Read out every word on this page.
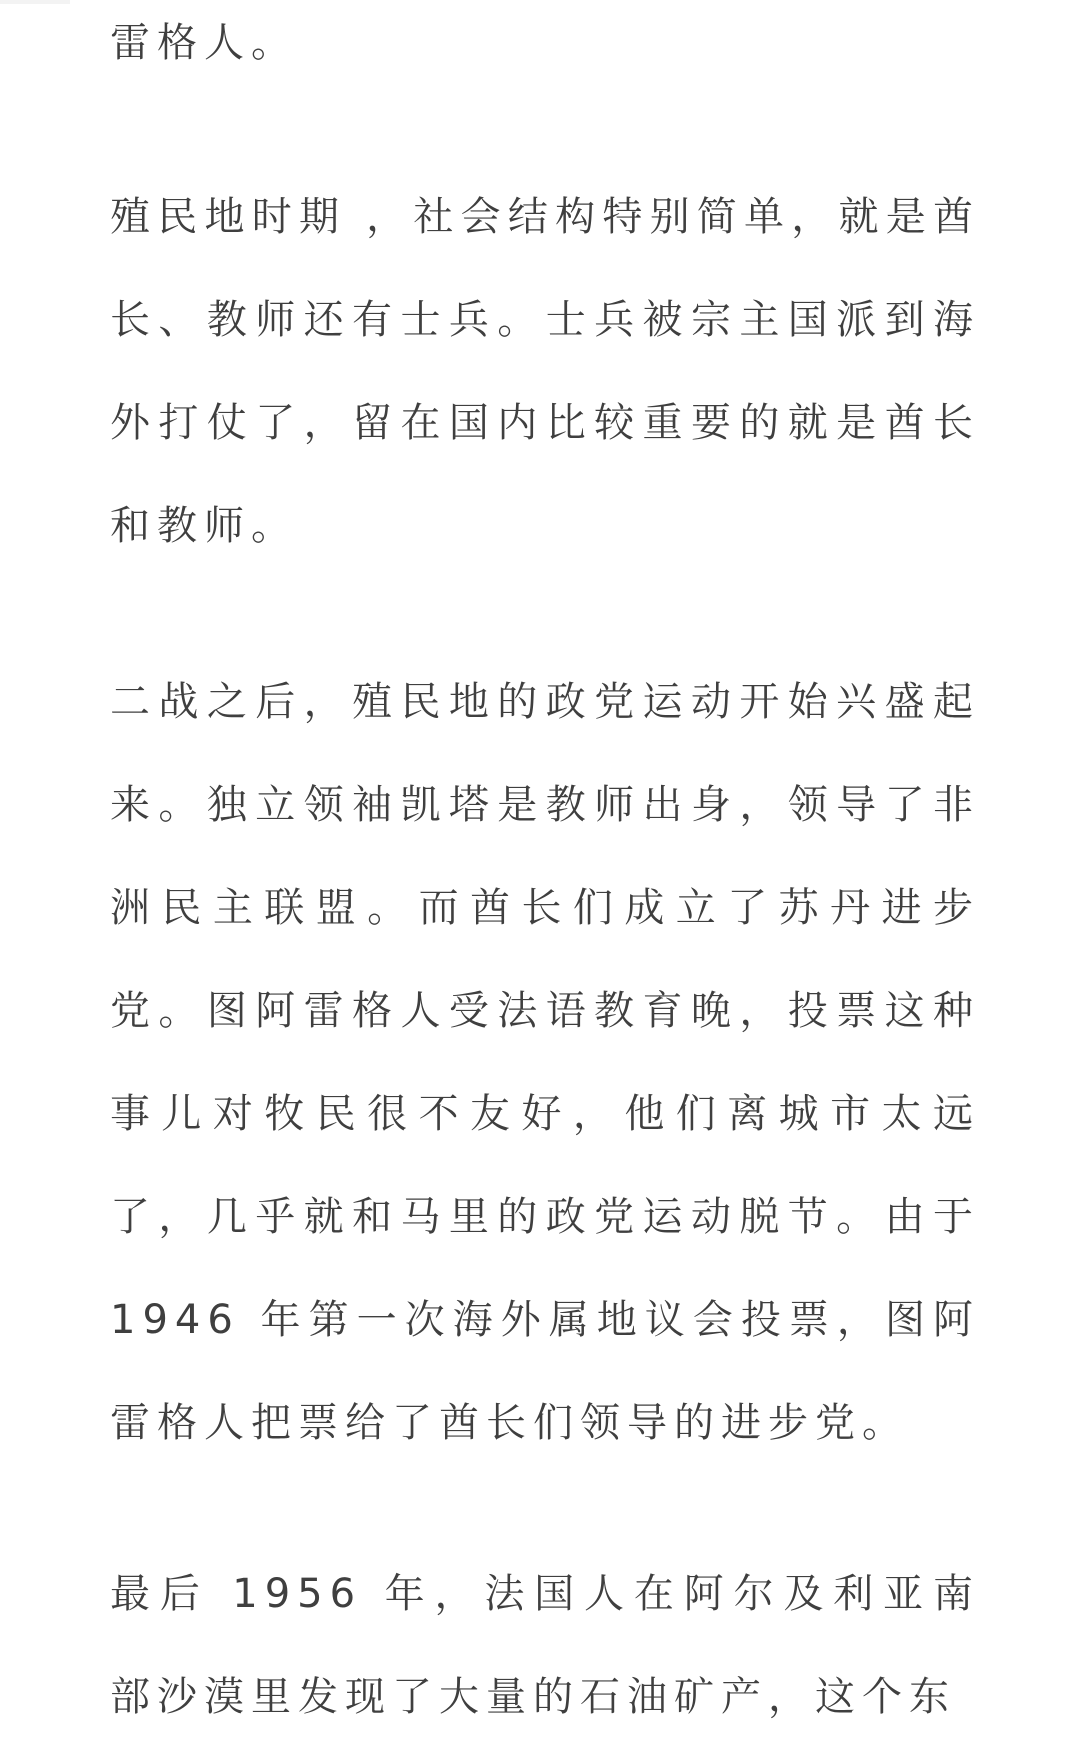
雷格人。

殖民地时期 ，社会结构特别简单，就是酋长、教师还有士兵。士兵被宗主国派到海外打仗了，留在国内比较重要的就是酋长和教师。

二战之后，殖民地的政党运动开始兴盛起来。独立领袖凯塔是教师出身，领导了非洲民主联盟。而酋长们成立了苏丹进步党。图阿雷格人受法语教育晚，投票这种事儿对牧民很不友好，他们离城市太远了，几乎就和马里的政党运动脱节。由于 1946 年第一次海外属地议会投票，图阿雷格人把票给了酋长们领导的进步党。

最后 1956 年，法国人在阿尔及利亚南部沙漠里发现了大量的石油矿产，这个东
